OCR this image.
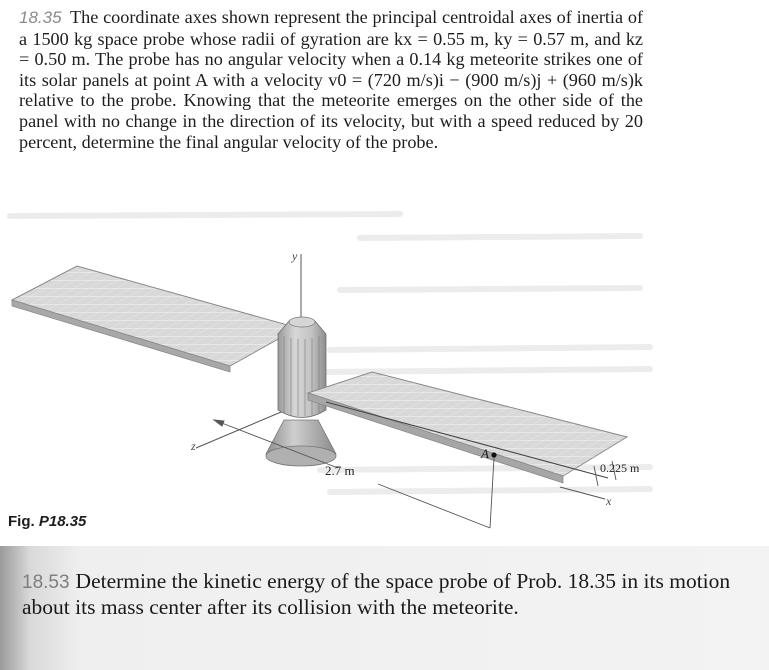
18.35 The coordinate axes shown represent the principal centroidal axes of inertia of a 1500 kg space probe whose radii of gyration are kx = 0.55 m, ky = 0.57 m, and kz = 0.50 m. The probe has no angular velocity when a 0.14 kg meteorite strikes one of its solar panels at point A with a velocity v0 = (720 m/s)i − (900 m/s)j + (960 m/s)k relative to the probe. Knowing that the meteorite emerges on the other side of the panel with no change in the direction of its velocity, but with a speed reduced by 20 percent, determine the final angular velocity of the probe.
y
z
x
A
2.7 m	0.225 m
Fig. P18.35
18.53 Determine the kinetic energy of the space probe of Prob. 18.35 in its motion about its mass center after its collision with the meteorite.
